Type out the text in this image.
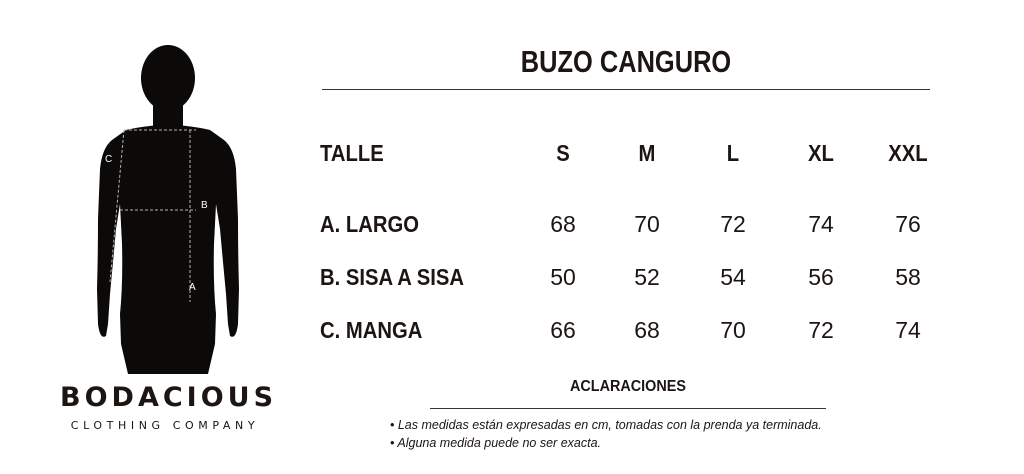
C
B
A
BODACIOUS
CLOTHING COMPANY
BUZO CANGURO
TALLE	S	M	L	XL	XXL
A. LARGO	68	70	72	74	76
B. SISA A SISA	50	52	54	56	58
C. MANGA	66	68	70	72	74
ACLARACIONES
• Las medidas están expresadas en cm, tomadas con la prenda ya terminada.
• Alguna medida puede no ser exacta.
